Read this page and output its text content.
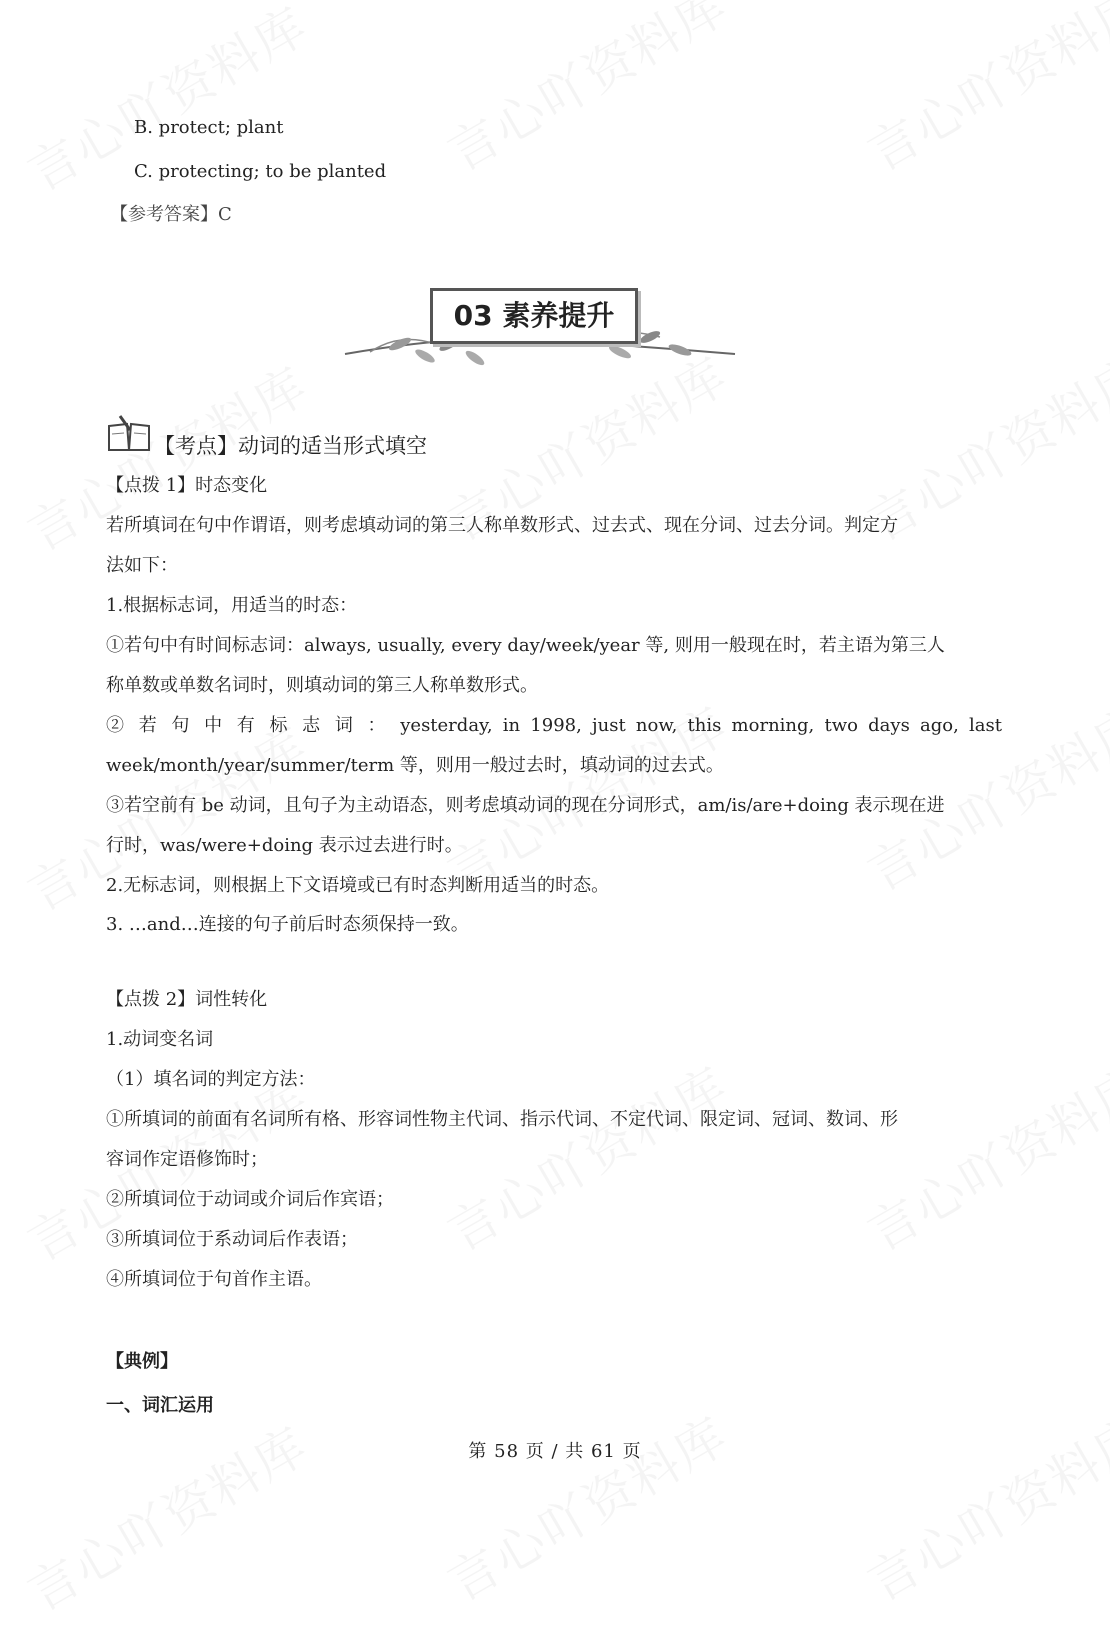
B. protect; plant
C. protecting; to be planted
【参考答案】C
03 素养提升
【考点】动词的适当形式填空
【点拨 1】时态变化
若所填词在句中作谓语，则考虑填动词的第三人称单数形式、过去式、现在分词、过去分词。判定方
法如下：
1.根据标志词，用适当的时态：
①若句中有时间标志词：always, usually, every day/week/year 等, 则用一般现在时，若主语为第三人
称单数或单数名词时，则填动词的第三人称单数形式。
② 若 句 中 有 标 志 词 ： yesterday, in 1998, just now, this morning, two days ago, last
week/month/year/summer/term 等，则用一般过去时，填动词的过去式。
③若空前有 be 动词，且句子为主动语态，则考虑填动词的现在分词形式，am/is/are+doing 表示现在进
行时，was/were+doing 表示过去进行时。
2.无标志词，则根据上下文语境或已有时态判断用适当的时态。
3. …and…连接的句子前后时态须保持一致。
【点拨 2】词性转化
1.动词变名词
（1）填名词的判定方法：
①所填词的前面有名词所有格、形容词性物主代词、指示代词、不定代词、限定词、冠词、数词、形
容词作定语修饰时；
②所填词位于动词或介词后作宾语；
③所填词位于系动词后作表语；
④所填词位于句首作主语。
【典例】
一、词汇运用
第 58 页 / 共 61 页
